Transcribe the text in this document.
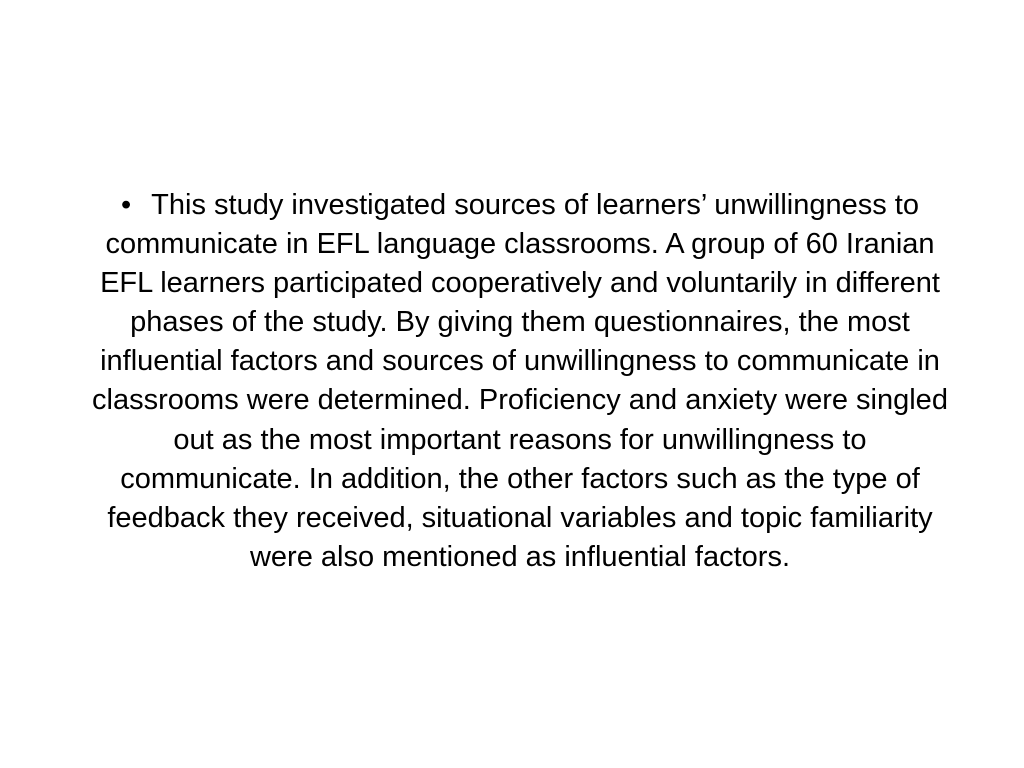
• This study investigated sources of learners’ unwillingness to communicate in EFL language classrooms. A group of 60 Iranian EFL learners participated cooperatively and voluntarily in different phases of the study. By giving them questionnaires, the most influential factors and sources of unwillingness to communicate in classrooms were determined. Proficiency and anxiety were singled out as the most important reasons for unwillingness to communicate. In addition, the other factors such as the type of feedback they received, situational variables and topic familiarity were also mentioned as influential factors.
